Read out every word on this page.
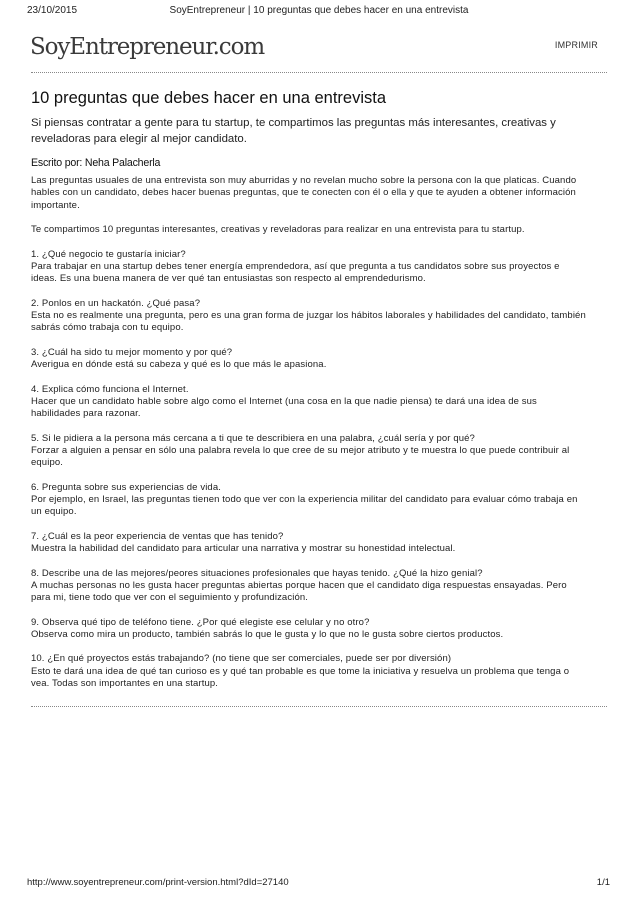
23/10/2015	SoyEntrepreneur | 10 preguntas que debes hacer en una entrevista
SoyEntrepreneur.com	IMPRIMIR
10 preguntas que debes hacer en una entrevista

Si piensas contratar a gente para tu startup, te compartimos las preguntas más interesantes, creativas y reveladoras para elegir al mejor candidato.

Escrito por: Neha Palacherla

Las preguntas usuales de una entrevista son muy aburridas y no revelan mucho sobre la persona con la que platicas. Cuando hables con un candidato, debes hacer buenas preguntas, que te conecten con él o ella y que te ayuden a obtener información importante.

Te compartimos 10 preguntas interesantes, creativas y reveladoras para realizar en una entrevista para tu startup.

1. ¿Qué negocio te gustaría iniciar?
Para trabajar en una startup debes tener energía emprendedora, así que pregunta a tus candidatos sobre sus proyectos e ideas. Es una buena manera de ver qué tan entusiastas son respecto al emprendedurismo.

2. Ponlos en un hackatón. ¿Qué pasa?
Esta no es realmente una pregunta, pero es una gran forma de juzgar los hábitos laborales y habilidades del candidato, también sabrás cómo trabaja con tu equipo.

3. ¿Cuál ha sido tu mejor momento y por qué?
Averigua en dónde está su cabeza y qué es lo que más le apasiona.

4. Explica cómo funciona el Internet.
Hacer que un candidato hable sobre algo como el Internet (una cosa en la que nadie piensa) te dará una idea de sus habilidades para razonar.

5. Si le pidiera a la persona más cercana a ti que te describiera en una palabra, ¿cuál sería y por qué?
Forzar a alguien a pensar en sólo una palabra revela lo que cree de su mejor atributo y te muestra lo que puede contribuir al equipo.

6. Pregunta sobre sus experiencias de vida.
Por ejemplo, en Israel, las preguntas tienen todo que ver con la experiencia militar del candidato para evaluar cómo trabaja en un equipo.

7. ¿Cuál es la peor experiencia de ventas que has tenido?
Muestra la habilidad del candidato para articular una narrativa y mostrar su honestidad intelectual.

8. Describe una de las mejores/peores situaciones profesionales que hayas tenido. ¿Qué la hizo genial?
A muchas personas no les gusta hacer preguntas abiertas porque hacen que el candidato diga respuestas ensayadas. Pero para mi, tiene todo que ver con el seguimiento y profundización.

9. Observa qué tipo de teléfono tiene. ¿Por qué elegiste ese celular y no otro?
Observa como mira un producto, también sabrás lo que le gusta y lo que no le gusta sobre ciertos productos.

10. ¿En qué proyectos estás trabajando? (no tiene que ser comerciales, puede ser por diversión)
Esto te dará una idea de qué tan curioso es y qué tan probable es que tome la iniciativa y resuelva un problema que tenga o vea. Todas son importantes en una startup.

http://www.soyentrepreneur.com/print-version.html?dId=27140	1/1
